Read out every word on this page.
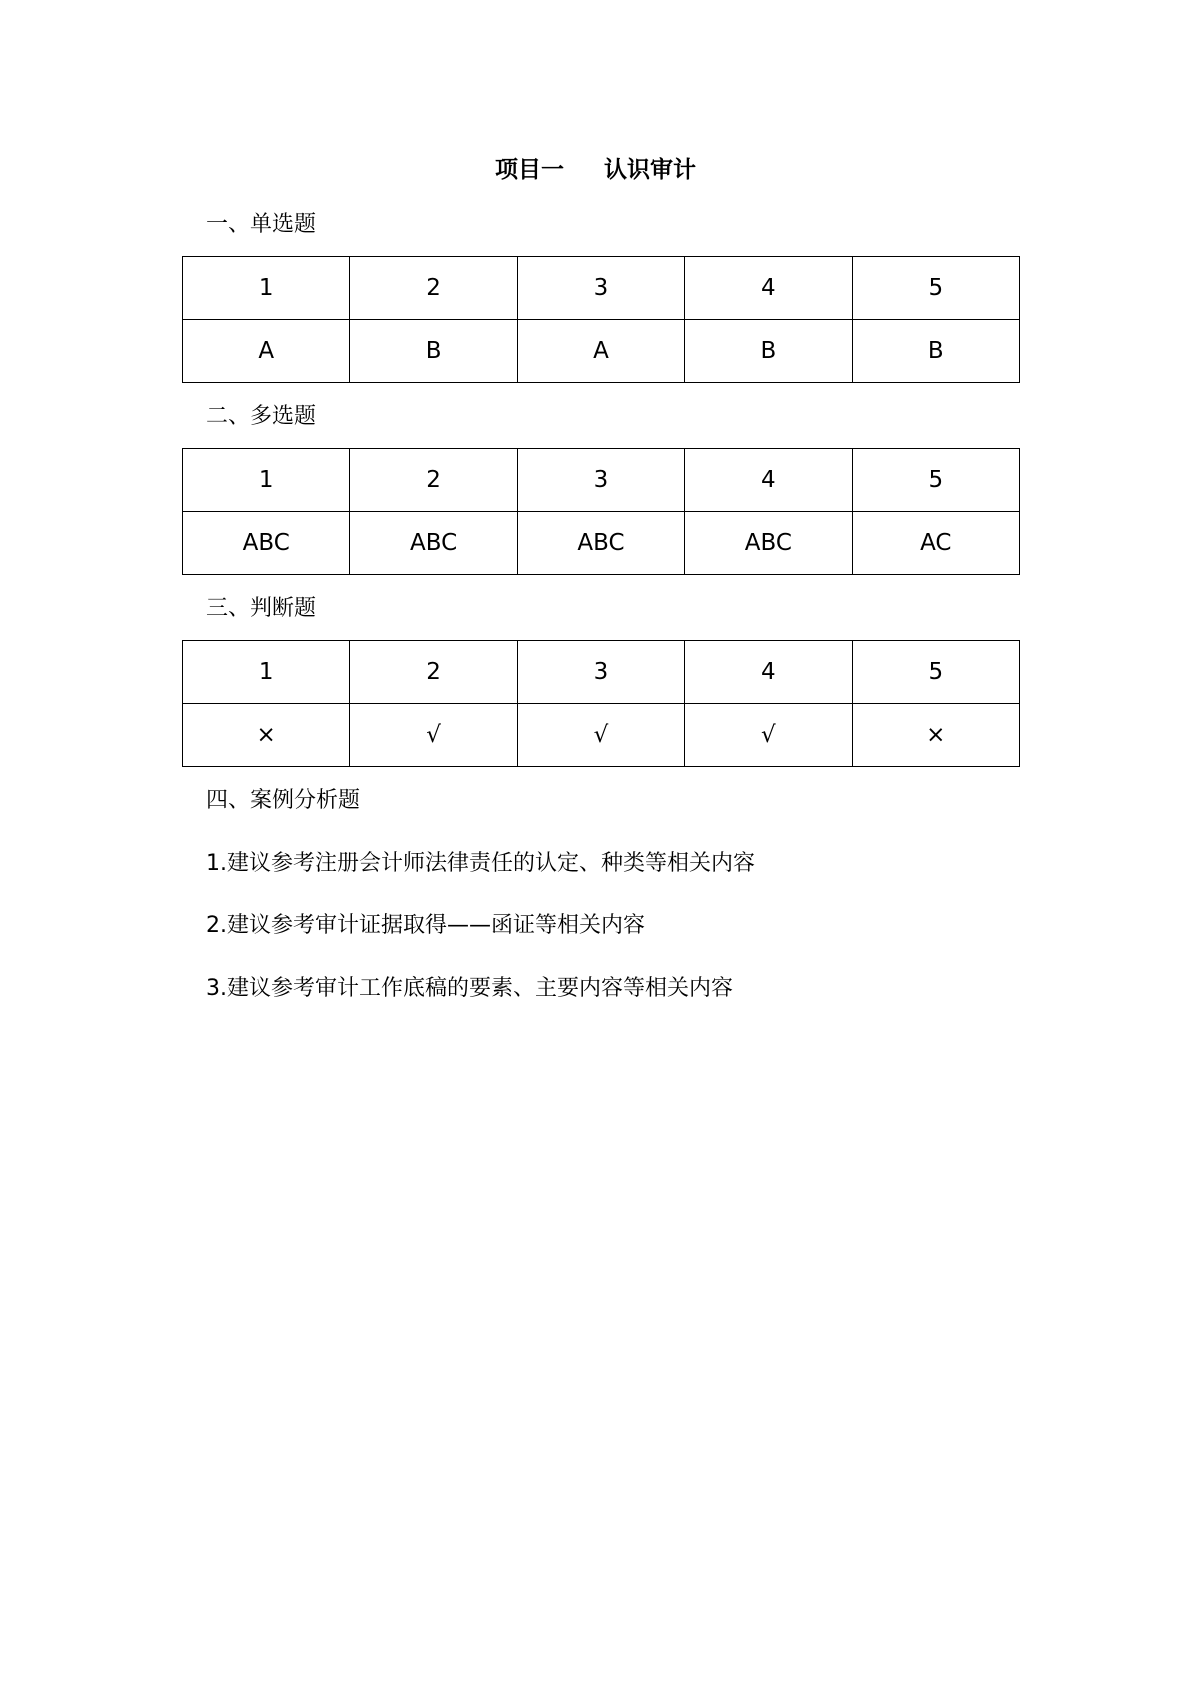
项目一     认识审计
一、单选题
1	2	3	4	5
A	B	A	B	B
二、多选题
1	2	3	4	5
ABC	ABC	ABC	ABC	AC
三、判断题
1	2	3	4	5
×	√	√	√	×
四、案例分析题
1.建议参考注册会计师法律责任的认定、种类等相关内容
2.建议参考审计证据取得——函证等相关内容
3.建议参考审计工作底稿的要素、主要内容等相关内容
